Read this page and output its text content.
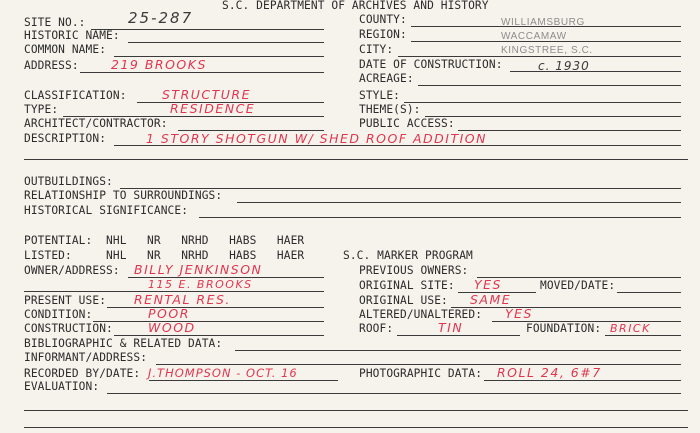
S.C. DEPARTMENT OF ARCHIVES AND HISTORY
SITE NO.:	25-287
HISTORIC NAME:
COMMON NAME:
ADDRESS:	219 BROOKS
COUNTY:	WILLIAMSBURG
REGION:	WACCAMAW
CITY:	KINGSTREE, S.C.
DATE OF CONSTRUCTION:	c. 1930
ACREAGE:
CLASSIFICATION:	STRUCTURE
TYPE:	RESIDENCE
ARCHITECT/CONTRACTOR:
STYLE:
THEME(S):
PUBLIC ACCESS:
DESCRIPTION:	1 STORY SHOTGUN W/ SHED ROOF ADDITION
OUTBUILDINGS:
RELATIONSHIP TO SURROUNDINGS:
HISTORICAL SIGNIFICANCE:
POTENTIAL:  NHL   NR   NRHD   HABS   HAER
LISTED:     NHL   NR   NRHD   HABS   HAER	S.C. MARKER PROGRAM
OWNER/ADDRESS: BILLY JENKINSON
115 E. BROOKS
PREVIOUS OWNERS:
ORIGINAL SITE: YES	MOVED/DATE:
PRESENT USE: RENTAL RES.	ORIGINAL USE: SAME
CONDITION:	POOR	ALTERED/UNALTERED: YES
CONSTRUCTION:	WOOD	ROOF:	TIN	FOUNDATION: BRICK
BIBLIOGRAPHIC & RELATED DATA:
INFORMANT/ADDRESS:
RECORDED BY/DATE: J.THOMPSON - OCT. 16	PHOTOGRAPHIC DATA: ROLL 24, 6#7
EVALUATION:
